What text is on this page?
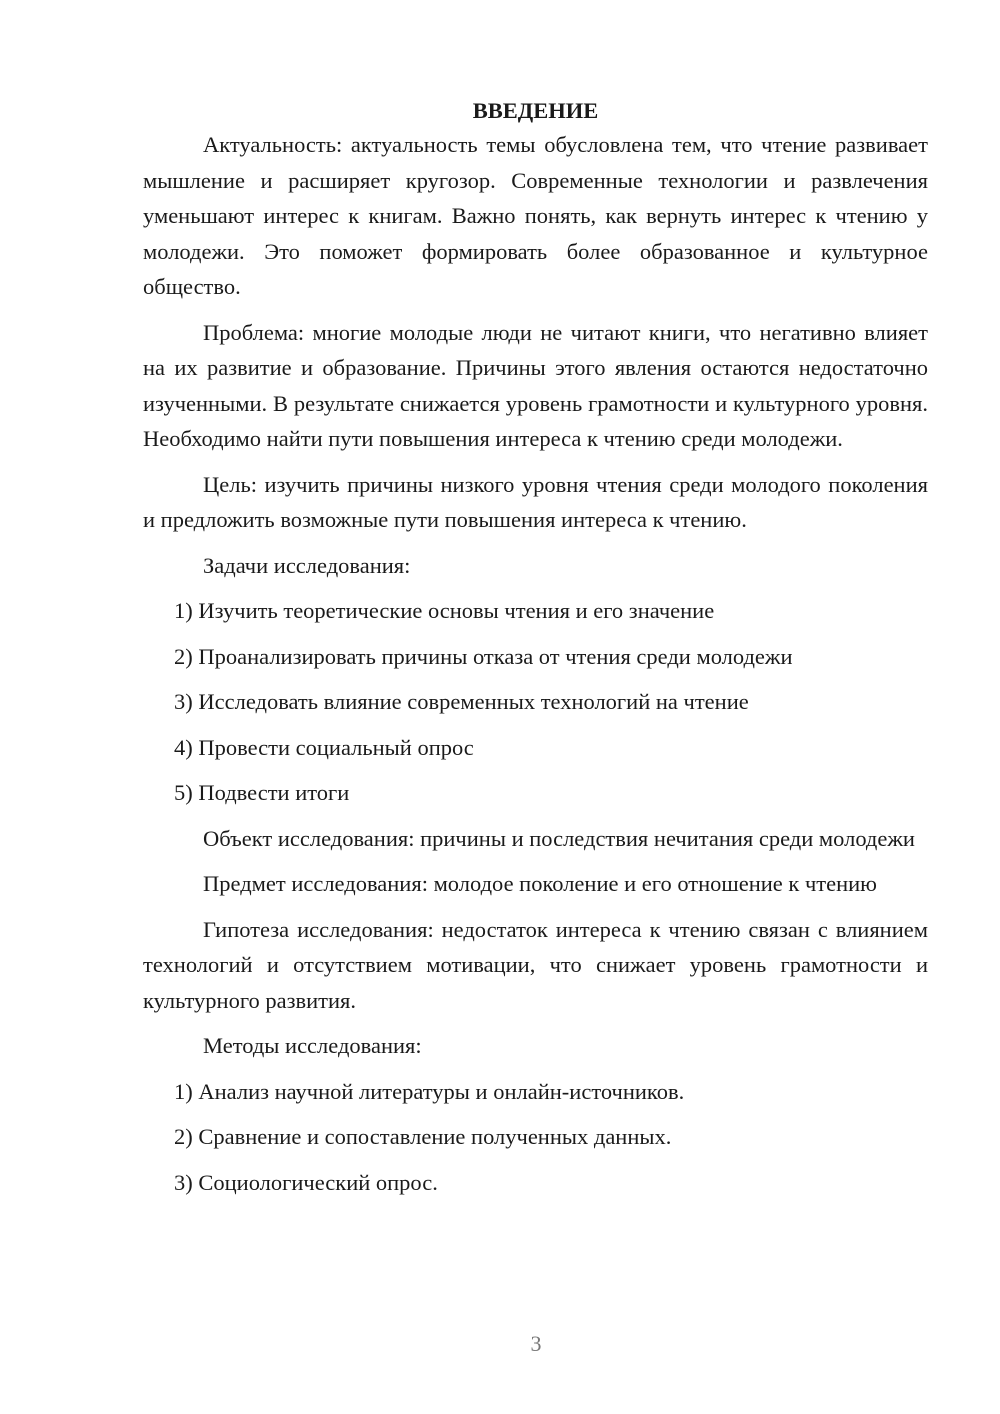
ВВЕДЕНИЕ
Актуальность: актуальность темы обусловлена тем, что чтение развивает мышление и расширяет кругозор. Современные технологии и развлечения уменьшают интерес к книгам. Важно понять, как вернуть интерес к чтению у молодежи. Это поможет формировать более образованное и культурное общество.
Проблема: многие молодые люди не читают книги, что негативно влияет на их развитие и образование. Причины этого явления остаются недостаточно изученными. В результате снижается уровень грамотности и культурного уровня. Необходимо найти пути повышения интереса к чтению среди молодежи.
Цель: изучить причины низкого уровня чтения среди молодого поколения и предложить возможные пути повышения интереса к чтению.
Задачи исследования:
1) Изучить теоретические основы чтения и его значение
2) Проанализировать причины отказа от чтения среди молодежи
3) Исследовать влияние современных технологий на чтение
4) Провести социальный опрос
5) Подвести итоги
Объект исследования: причины и последствия нечитания среди молодежи
Предмет исследования: молодое поколение и его отношение к чтению
Гипотеза исследования: недостаток интереса к чтению связан с влиянием технологий и отсутствием мотивации, что снижает уровень грамотности и культурного развития.
Методы исследования:
1) Анализ научной литературы и онлайн-источников.
2) Сравнение и сопоставление полученных данных.
3) Социологический опрос.
3
